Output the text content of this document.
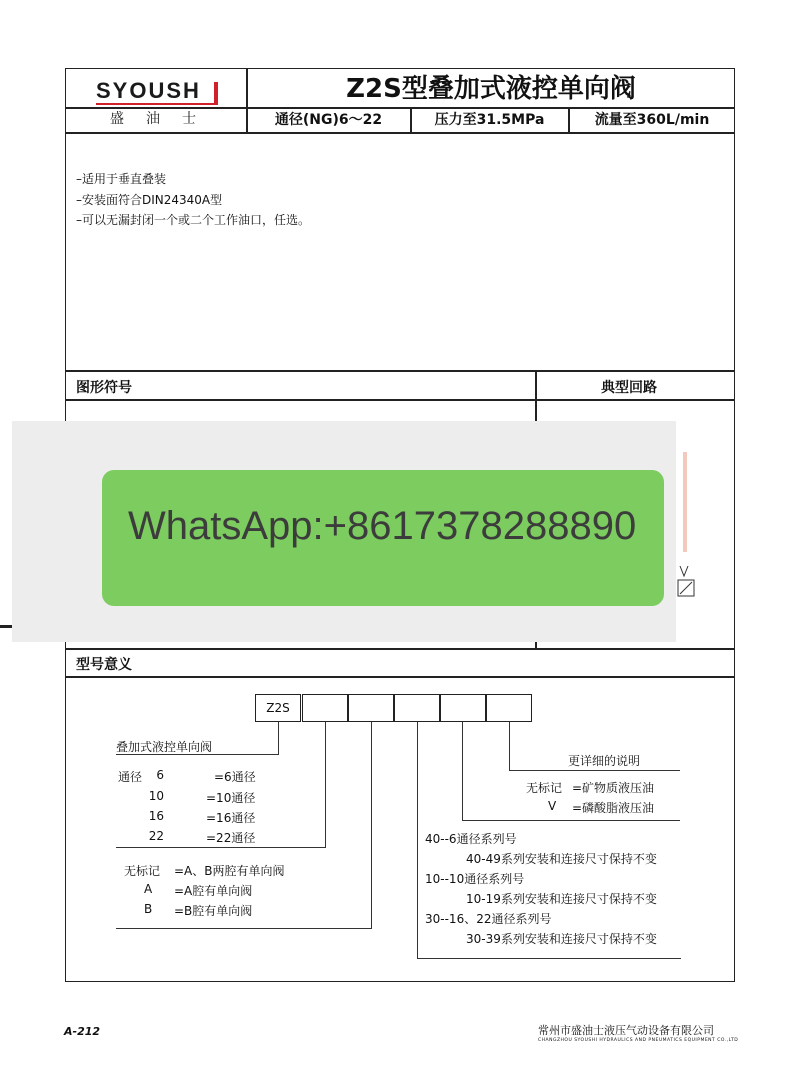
SYOUSH
盛油士
Z2S型叠加式液控单向阀
通径(NG)6～22	压力至31.5MPa	流量至360L/min
–适用于垂直叠装
–安装面符合DIN24340A型
–可以无漏封闭一个或二个工作油口，任选。
图形符号	典型回路
WhatsApp:+8617378288890
型号意义
Z2S
叠加式液控单向阀
通径	6	=6通径
10	=10通径
16	=16通径
22	=22通径
无标记 =A、B两腔有单向阀
A =A腔有单向阀
B =B腔有单向阀
更详细的说明
无标记 =矿物质液压油
V =磷酸脂液压油
40--6通径系列号
40-49系列安装和连接尺寸保持不变
10--10通径系列号
10-19系列安装和连接尺寸保持不变
30--16、22通径系列号
30-39系列安装和连接尺寸保持不变
A-212	常州市盛油士液压气动设备有限公司
CHANGZHOU SYOUSHI HYDRAULICS AND PNEUMATICS EQUIPMENT CO.,LTD
